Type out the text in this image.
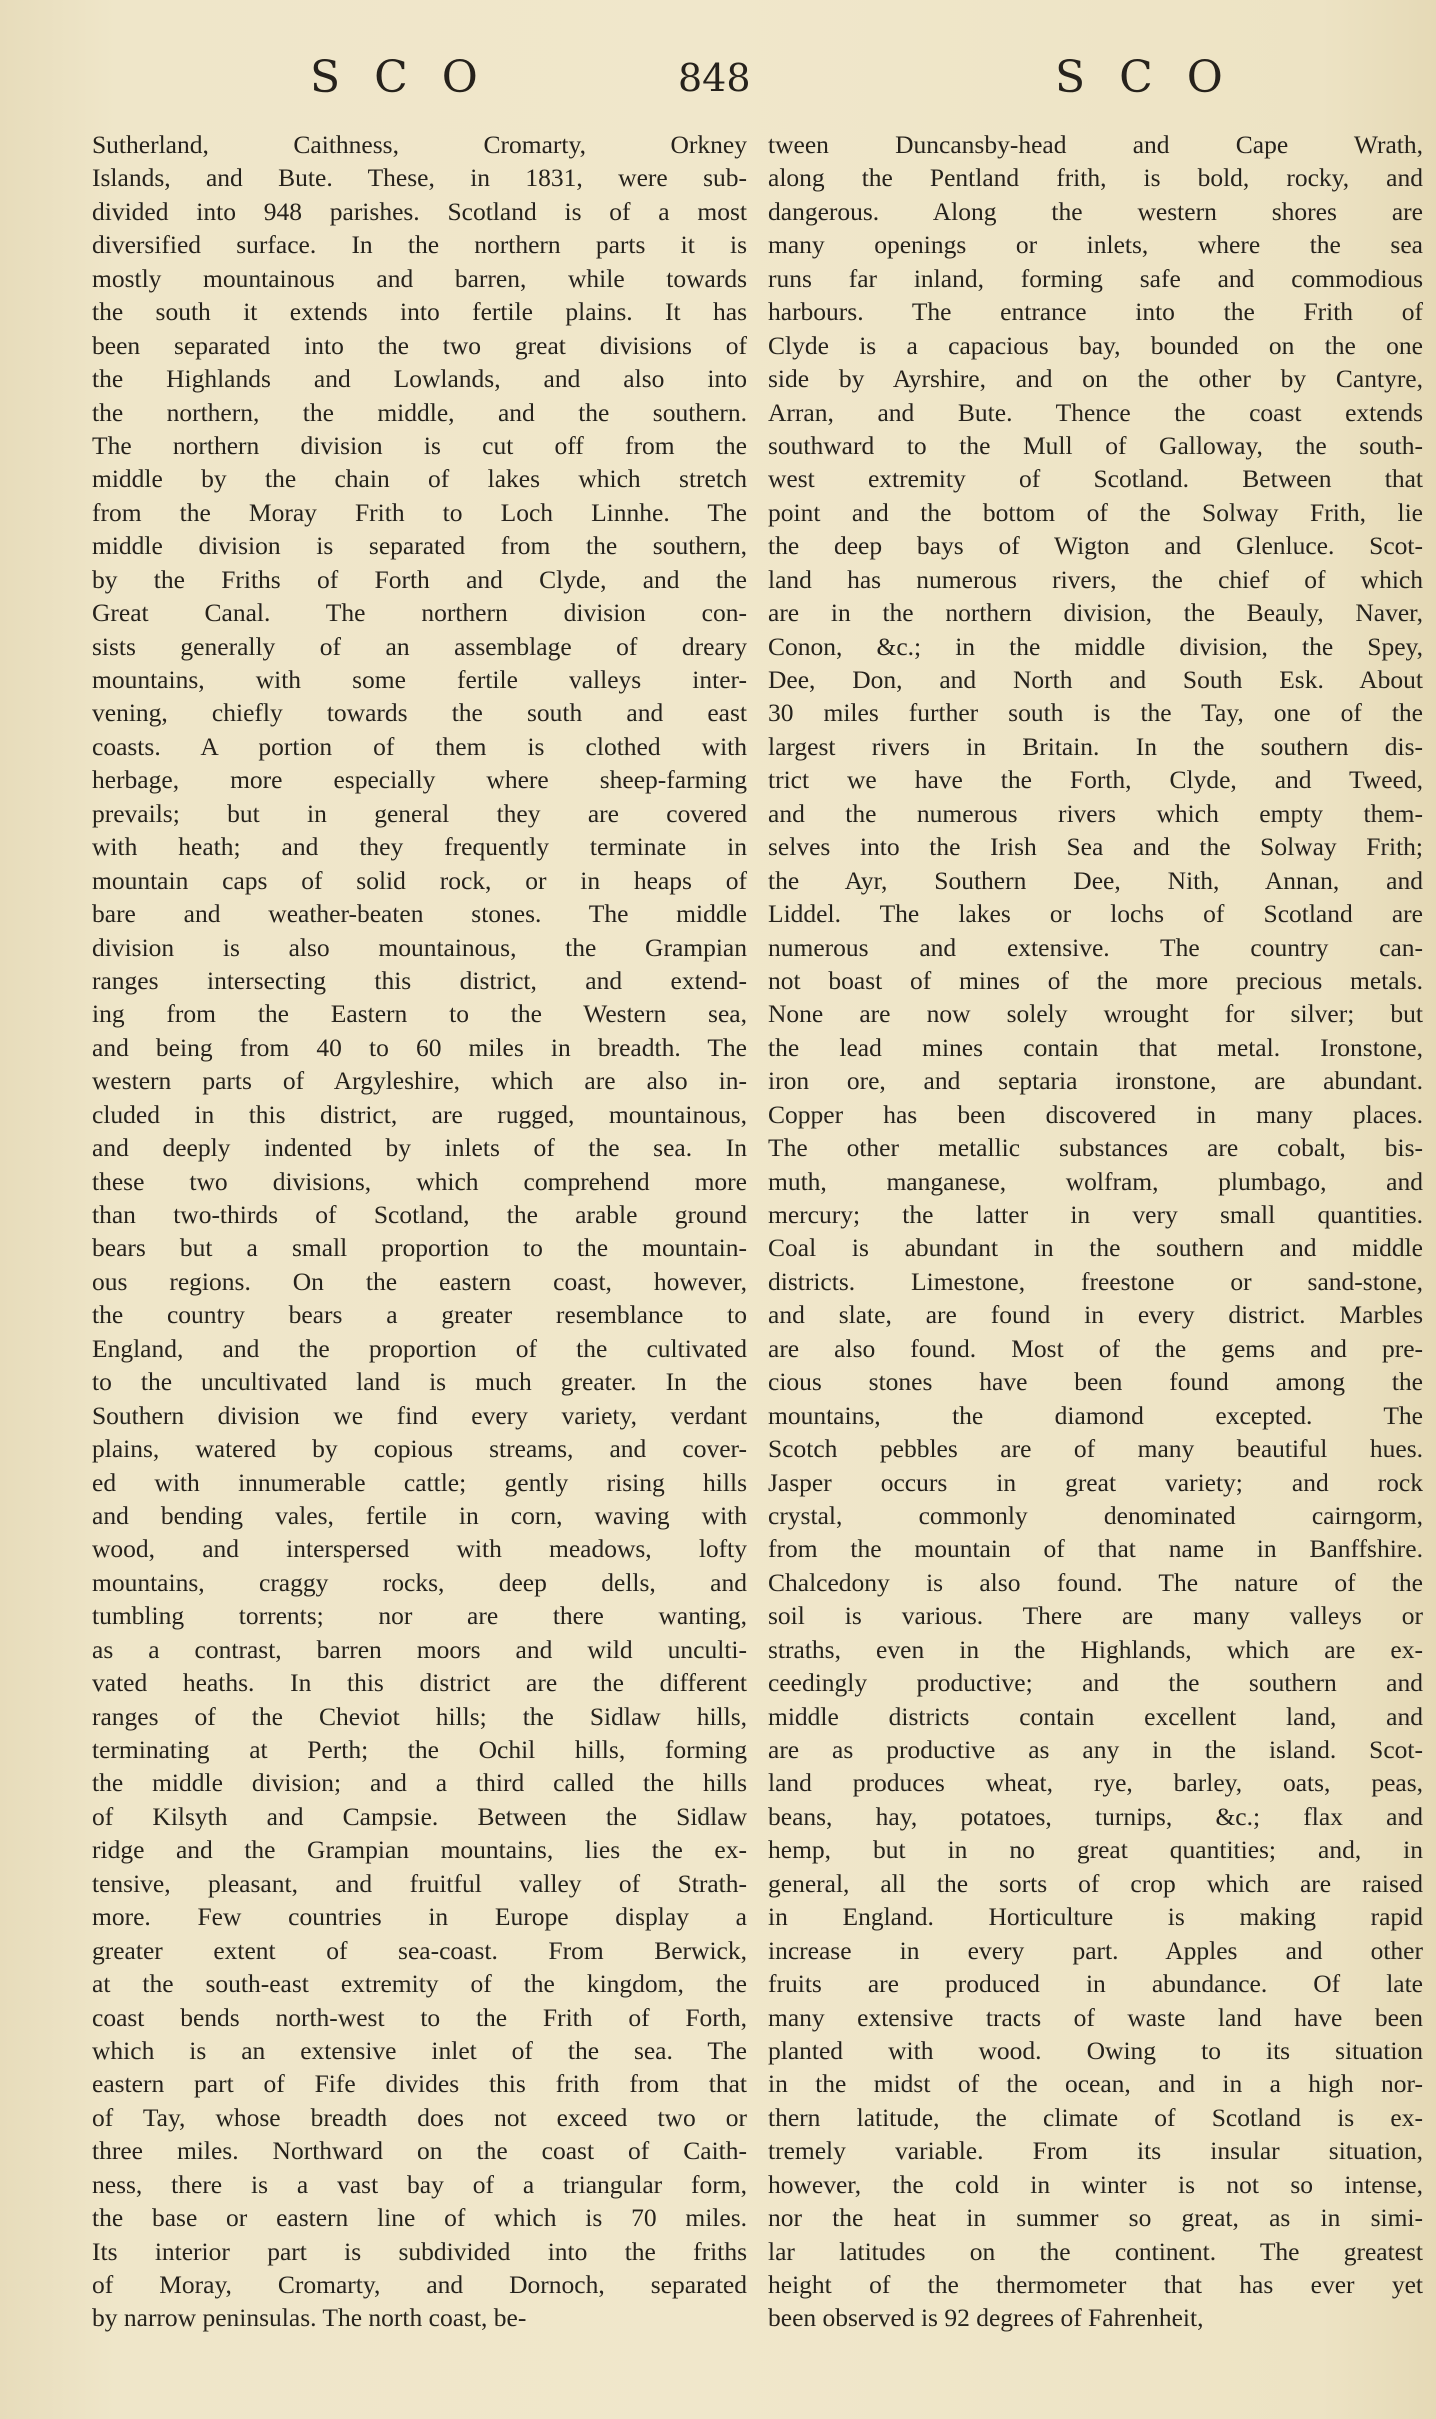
SCO	848	SCO
Sutherland, Caithness, Cromarty, Orkney
Islands, and Bute. These, in 1831, were sub-
divided into 948 parishes. Scotland is of a most
diversified surface. In the northern parts it is
mostly mountainous and barren, while towards
the south it extends into fertile plains. It has
been separated into the two great divisions of
the Highlands and Lowlands, and also into
the northern, the middle, and the southern.
The northern division is cut off from the
middle by the chain of lakes which stretch
from the Moray Frith to Loch Linnhe. The
middle division is separated from the southern,
by the Friths of Forth and Clyde, and the
Great Canal. The northern division con-
sists generally of an assemblage of dreary
mountains, with some fertile valleys inter-
vening, chiefly towards the south and east
coasts. A portion of them is clothed with
herbage, more especially where sheep-farming
prevails; but in general they are covered
with heath; and they frequently terminate in
mountain caps of solid rock, or in heaps of
bare and weather-beaten stones. The middle
division is also mountainous, the Grampian
ranges intersecting this district, and extend-
ing from the Eastern to the Western sea,
and being from 40 to 60 miles in breadth. The
western parts of Argyleshire, which are also in-
cluded in this district, are rugged, mountainous,
and deeply indented by inlets of the sea. In
these two divisions, which comprehend more
than two-thirds of Scotland, the arable ground
bears but a small proportion to the mountain-
ous regions. On the eastern coast, however,
the country bears a greater resemblance to
England, and the proportion of the cultivated
to the uncultivated land is much greater. In the
Southern division we find every variety, verdant
plains, watered by copious streams, and cover-
ed with innumerable cattle; gently rising hills
and bending vales, fertile in corn, waving with
wood, and interspersed with meadows, lofty
mountains, craggy rocks, deep dells, and
tumbling torrents; nor are there wanting,
as a contrast, barren moors and wild unculti-
vated heaths. In this district are the different
ranges of the Cheviot hills; the Sidlaw hills,
terminating at Perth; the Ochil hills, forming
the middle division; and a third called the hills
of Kilsyth and Campsie. Between the Sidlaw
ridge and the Grampian mountains, lies the ex-
tensive, pleasant, and fruitful valley of Strath-
more. Few countries in Europe display a
greater extent of sea-coast. From Berwick,
at the south-east extremity of the kingdom, the
coast bends north-west to the Frith of Forth,
which is an extensive inlet of the sea. The
eastern part of Fife divides this frith from that
of Tay, whose breadth does not exceed two or
three miles. Northward on the coast of Caith-
ness, there is a vast bay of a triangular form,
the base or eastern line of which is 70 miles.
Its interior part is subdivided into the friths
of Moray, Cromarty, and Dornoch, separated
by narrow peninsulas. The north coast, be-
tween Duncansby-head and Cape Wrath,
along the Pentland frith, is bold, rocky, and
dangerous. Along the western shores are
many openings or inlets, where the sea
runs far inland, forming safe and commodious
harbours. The entrance into the Frith of
Clyde is a capacious bay, bounded on the one
side by Ayrshire, and on the other by Cantyre,
Arran, and Bute. Thence the coast extends
southward to the Mull of Galloway, the south-
west extremity of Scotland. Between that
point and the bottom of the Solway Frith, lie
the deep bays of Wigton and Glenluce. Scot-
land has numerous rivers, the chief of which
are in the northern division, the Beauly, Naver,
Conon, &c.; in the middle division, the Spey,
Dee, Don, and North and South Esk. About
30 miles further south is the Tay, one of the
largest rivers in Britain. In the southern dis-
trict we have the Forth, Clyde, and Tweed,
and the numerous rivers which empty them-
selves into the Irish Sea and the Solway Frith;
the Ayr, Southern Dee, Nith, Annan, and
Liddel. The lakes or lochs of Scotland are
numerous and extensive. The country can-
not boast of mines of the more precious metals.
None are now solely wrought for silver; but
the lead mines contain that metal. Ironstone,
iron ore, and septaria ironstone, are abundant.
Copper has been discovered in many places.
The other metallic substances are cobalt, bis-
muth, manganese, wolfram, plumbago, and
mercury; the latter in very small quantities.
Coal is abundant in the southern and middle
districts. Limestone, freestone or sand-stone,
and slate, are found in every district. Marbles
are also found. Most of the gems and pre-
cious stones have been found among the
mountains, the diamond excepted. The
Scotch pebbles are of many beautiful hues.
Jasper occurs in great variety; and rock
crystal, commonly denominated cairngorm,
from the mountain of that name in Banffshire.
Chalcedony is also found. The nature of the
soil is various. There are many valleys or
straths, even in the Highlands, which are ex-
ceedingly productive; and the southern and
middle districts contain excellent land, and
are as productive as any in the island. Scot-
land produces wheat, rye, barley, oats, peas,
beans, hay, potatoes, turnips, &c.; flax and
hemp, but in no great quantities; and, in
general, all the sorts of crop which are raised
in England. Horticulture is making rapid
increase in every part. Apples and other
fruits are produced in abundance. Of late
many extensive tracts of waste land have been
planted with wood. Owing to its situation
in the midst of the ocean, and in a high nor-
thern latitude, the climate of Scotland is ex-
tremely variable. From its insular situation,
however, the cold in winter is not so intense,
nor the heat in summer so great, as in simi-
lar latitudes on the continent. The greatest
height of the thermometer that has ever yet
been observed is 92 degrees of Fahrenheit,
